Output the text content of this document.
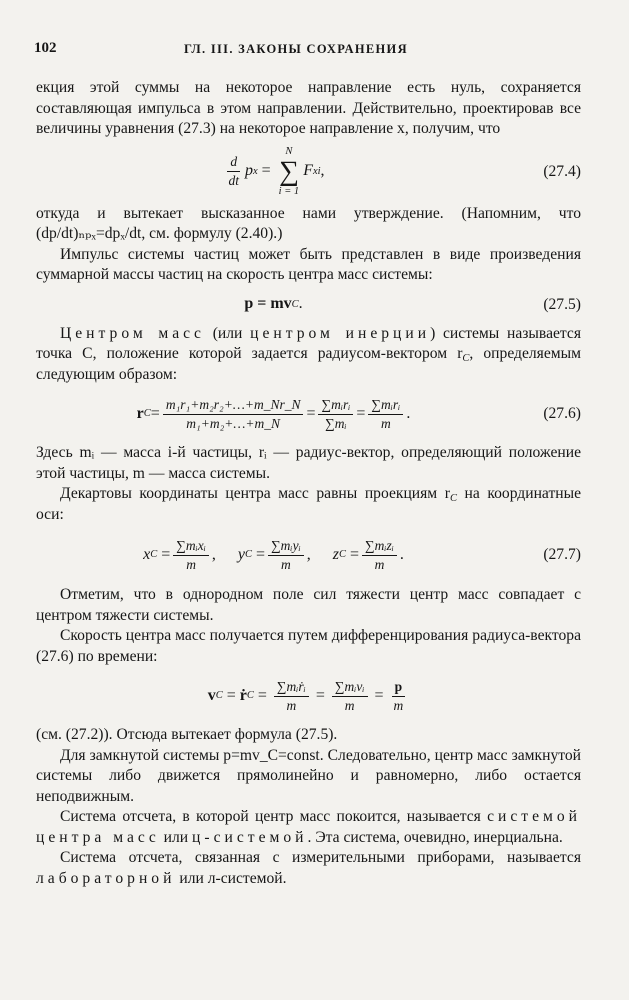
102	ГЛ. III. ЗАКОНЫ СОХРАНЕНИЯ

екция этой суммы на некоторое направление есть нуль, сохраняется составляющая импульса в этом направлении. Действительно, проектировав все величины уравнения (27.3) на некоторое направление x, получим, что

$\frac{d}{dt}$ p x =
N
∑
i = 1
F xi ,	(27.4)

откуда и вытекает высказанное нами утверждение. (Напомним, что (dp/dt)ₙₚₓ=dpₓ/dt, см. формулу (2.40).)

Импульс системы частиц может быть представлен в виде произведения суммарной массы частиц на скорость центра масс системы:

p = mv C .	(27.5)

Центром масс (или центром инерции) системы называется точка C, положение которой задается радиусом-вектором $r_C$, определяемым следующим образом:

r $C = \frac{\text{m₁r₁+m₂r₂+…+m\_Nr\_N}}{\text{m₁+m₂+…+m\_N}} = \frac{\text{∑mᵢrᵢ}}{\text{∑mᵢ}} = \frac{\text{∑mᵢrᵢ}}{m}$ .	(27.6)

Здесь mᵢ — масса i-й частицы, rᵢ — радиус-вектор, определяющий положение этой частицы, m — масса системы.

Декартовы координаты центра масс равны проекциям $r_C$ на координатные оси:

x $C = \frac{\text{∑mᵢxᵢ}}{m}$ , y $C = \frac{\text{∑mᵢyᵢ}}{m}$ , z $C = \frac{\text{∑mᵢzᵢ}}{m}$ .	(27.7)

Отметим, что в однородном поле сил тяжести центр масс совпадает с центром тяжести системы.

Скорость центра масс получается путем дифференцирования радиуса-вектора (27.6) по времени:

v C = ṙ $C = \frac{\text{∑mᵢṙᵢ}}{m} = \frac{\text{∑mᵢvᵢ}}{m} = \frac{p}{m}$

(см. (27.2)). Отсюда вытекает формула (27.5).

Для замкнутой системы p=mv_C=const. Следовательно, центр масс замкнутой системы либо движется прямолинейно и равномерно, либо остается неподвижным.

Система отсчета, в которой центр масс покоится, называется системой центра масс или ц-системой. Эта система, очевидно, инерциальна.

Система отсчета, связанная с измерительными приборами, называется лабораторной или л-системой.
